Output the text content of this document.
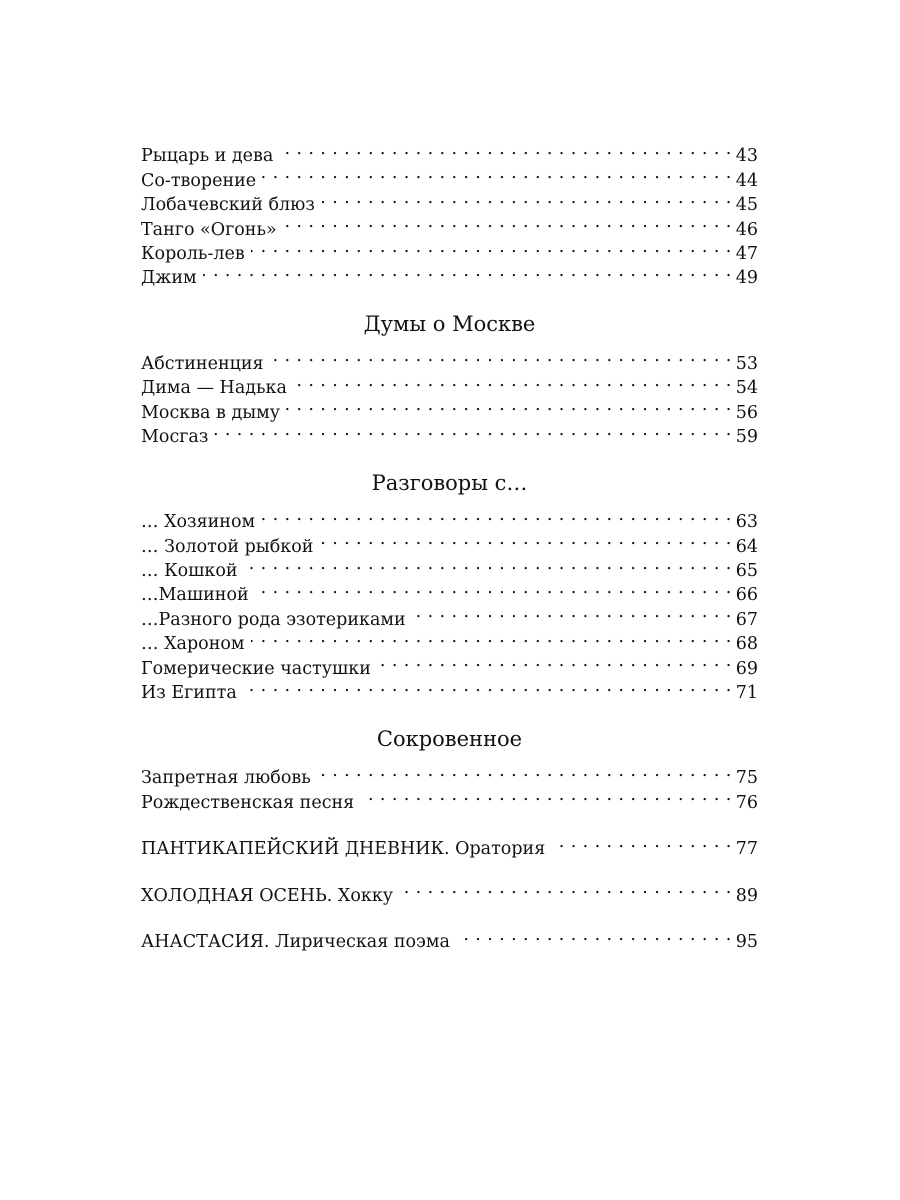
Рыцарь и дева . . .	43
Со-творение . . .	44
Лобачевский блюз . . .	45
Танго «Огонь» . . .	46
Король-лев . . .	47
Джим . . .	49
Думы о Москве
Абстиненция . . .	53
Дима — Надька . . .	54
Москва в дыму . . .	56
Мосгаз . . .	59
Разговоры с…
… Хозяином . . .	63
… Золотой рыбкой . . .	64
… Кошкой . . .	65
…Машиной . . .	66
…Разного рода эзотериками . . .	67
… Хароном . . .	68
Гомерические частушки . . .	69
Из Египта . . .	71
Сокровенное
Запретная любовь . . .	75
Рождественская песня . . .	76
ПАНТИКАПЕЙСКИЙ ДНЕВНИК. Оратория . . .	77
ХОЛОДНАЯ ОСЕНЬ. Хокку . . .	89
АНАСТАСИЯ. Лирическая поэма . . .	95
